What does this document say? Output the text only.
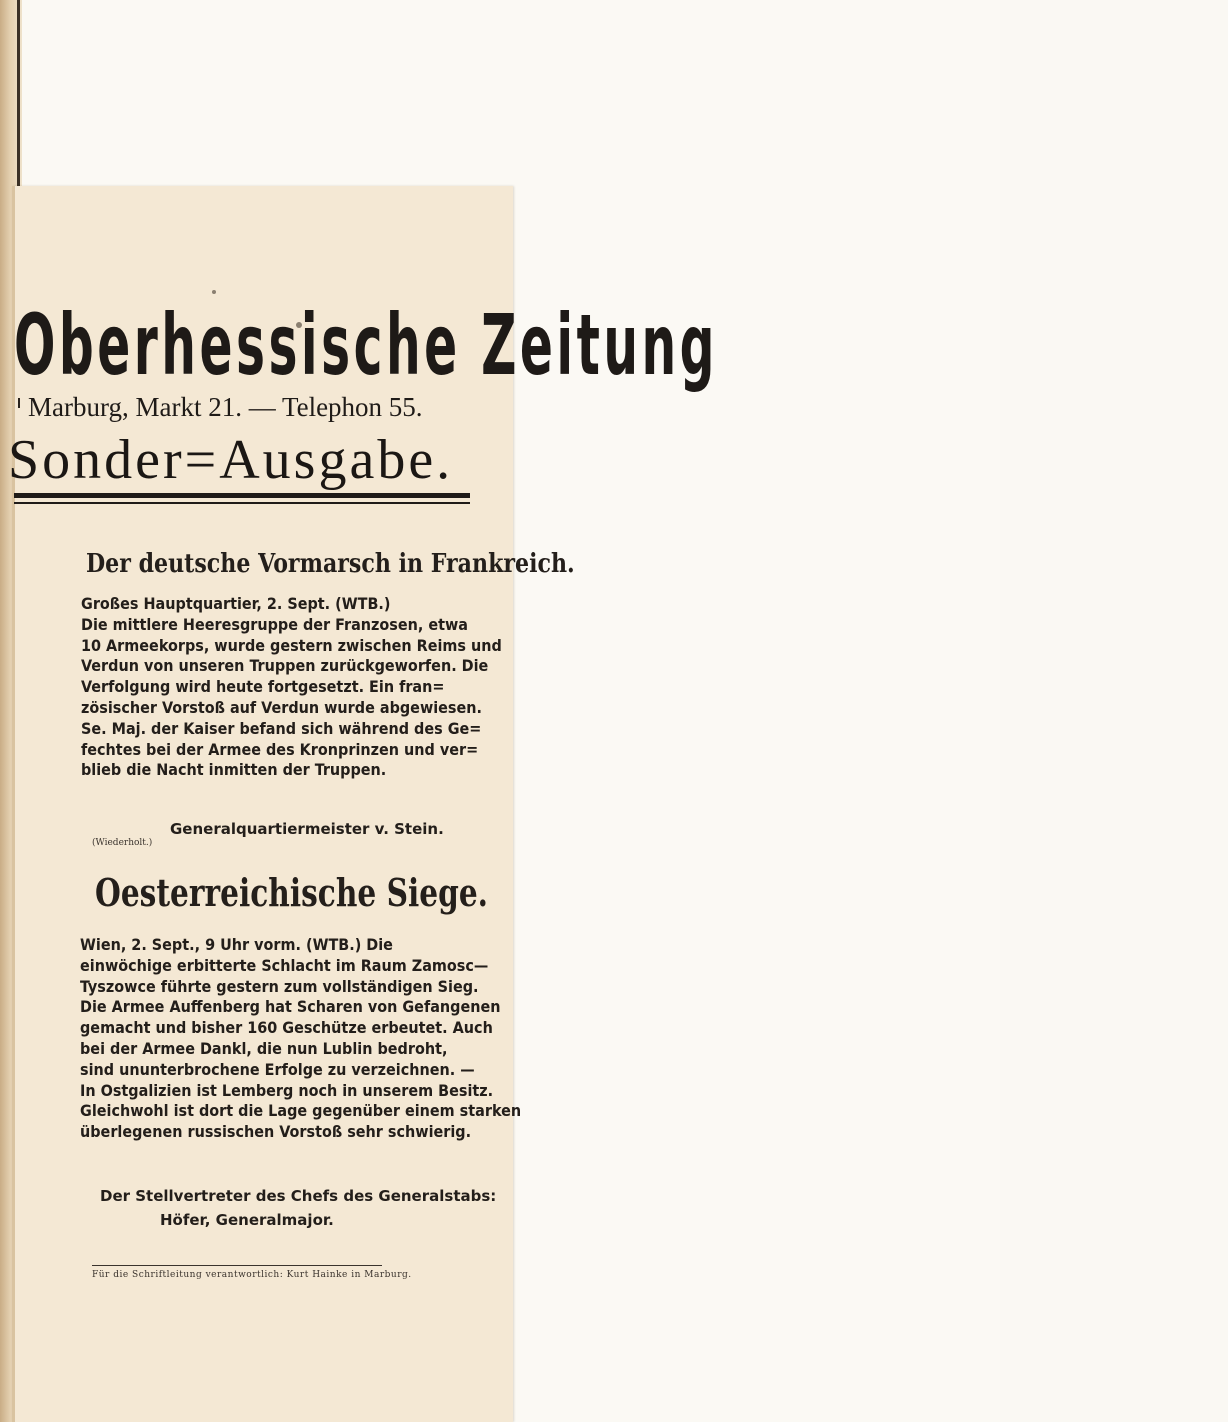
Oberhessische Zeitung
Marburg, Markt 21. — Telephon 55.
Sonder=Ausgabe.
Der deutsche Vormarsch in Frankreich.
Großes Hauptquartier, 2. Sept. (WTB.)
Die mittlere Heeresgruppe der Franzosen, etwa
10 Armeekorps, wurde gestern zwischen Reims und
Verdun von unseren Truppen zurückgeworfen. Die
Verfolgung wird heute fortgesetzt. Ein fran=
zösischer Vorstoß auf Verdun wurde abgewiesen.
Se. Maj. der Kaiser befand sich während des Ge=
fechtes bei der Armee des Kronprinzen und ver=
blieb die Nacht inmitten der Truppen.
Generalquartiermeister v. Stein.
(Wiederholt.)
Oesterreichische Siege.
Wien, 2. Sept., 9 Uhr vorm. (WTB.) Die
einwöchige erbitterte Schlacht im Raum Zamosc—
Tyszowce führte gestern zum vollständigen Sieg.
Die Armee Auffenberg hat Scharen von Gefangenen
gemacht und bisher 160 Geschütze erbeutet. Auch
bei der Armee Dankl, die nun Lublin bedroht,
sind ununterbrochene Erfolge zu verzeichnen. —
In Ostgalizien ist Lemberg noch in unserem Besitz.
Gleichwohl ist dort die Lage gegenüber einem starken
überlegenen russischen Vorstoß sehr schwierig.
Der Stellvertreter des Chefs des Generalstabs:
Höfer, Generalmajor.
Für die Schriftleitung verantwortlich: Kurt Hainke in Marburg.
